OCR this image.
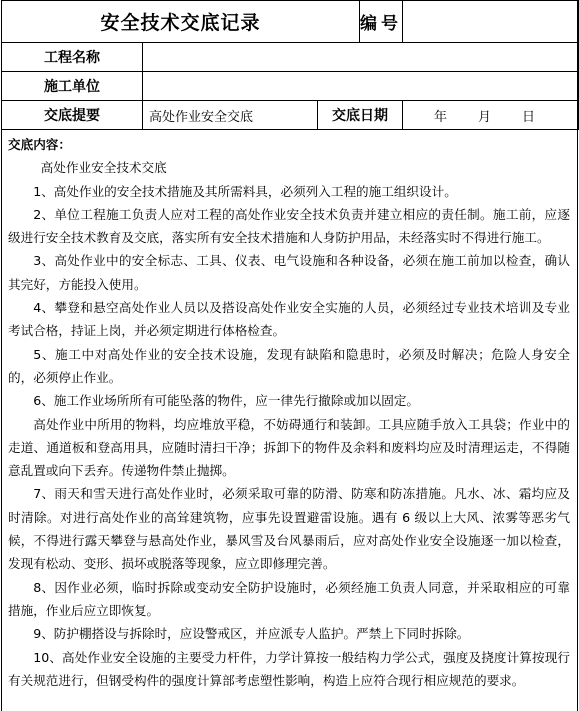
安全技术交底记录			编号	
工程名称				
施工单位				
交底提要	高处作业安全交底	交底日期		年 月 日
交底内容：

高处作业安全技术交底

1、高处作业的安全技术措施及其所需料具，必须列入工程的施工组织设计。

2、单位工程施工负责人应对工程的高处作业安全技术负责并建立相应的责任制。施工前，应逐级进行安全技术教育及交底，落实所有安全技术措施和人身防护用品，未经落实时不得进行施工。

3、高处作业中的安全标志、工具、仪表、电气设施和各种设备，必须在施工前加以检查，确认其完好，方能投入使用。

4、攀登和悬空高处作业人员以及搭设高处作业安全实施的人员，必须经过专业技术培训及专业考试合格，持证上岗，并必须定期进行体格检查。

5、施工中对高处作业的安全技术设施，发现有缺陷和隐患时，必须及时解决；危险人身安全的，必须停止作业。

6、施工作业场所所有可能坠落的物件，应一律先行撤除或加以固定。

高处作业中所用的物料，均应堆放平稳，不妨碍通行和装卸。工具应随手放入工具袋；作业中的走道、通道板和登高用具，应随时清扫干净；拆卸下的物件及余料和废料均应及时清理运走，不得随意乱置或向下丢弃。传递物件禁止抛掷。

7、雨天和雪天进行高处作业时，必须采取可靠的防滑、防寒和防冻措施。凡水、冰、霜均应及时清除。对进行高处作业的高耸建筑物，应事先设置避雷设施。遇有 6 级以上大风、浓雾等恶劣气候，不得进行露天攀登与悬高处作业，暴风雪及台风暴雨后，应对高处作业安全设施逐一加以检查，发现有松动、变形、损坏或脱落等现象，应立即修理完善。

8、因作业必须，临时拆除或变动安全防护设施时，必须经施工负责人同意，并采取相应的可靠措施，作业后应立即恢复。

9、防护棚搭设与拆除时，应设警戒区，并应派专人监护。严禁上下同时拆除。

10、高处作业安全设施的主要受力杆件，力学计算按一般结构力学公式，强度及挠度计算按现行有关规范进行，但钢受构件的强度计算部考虑塑性影响，构造上应符合现行相应规范的要求。
